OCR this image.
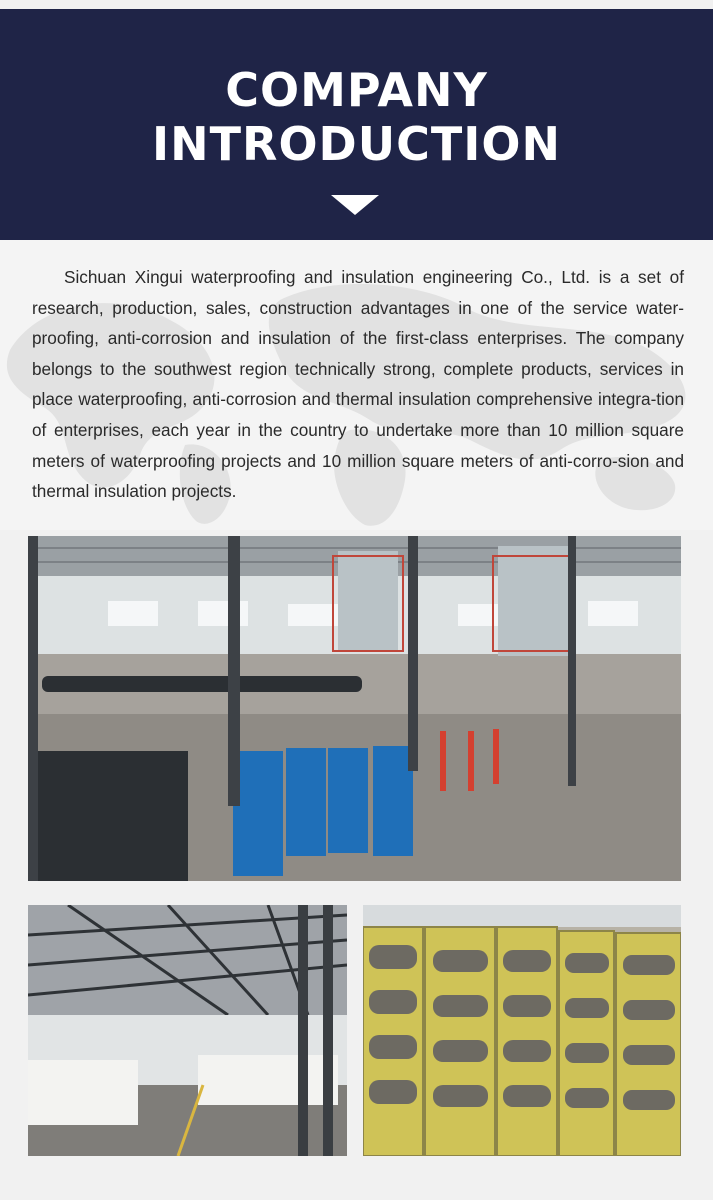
COMPANY
INTRODUCTION

Sichuan Xingui waterproofing and insulation engineering Co., Ltd. is a set of research, production, sales, construction advantages in one of the service water-proofing, anti-corrosion and insulation of the first-class enterprises. The company belongs to the southwest region technically strong, complete products, services in place waterproofing, anti-corrosion and thermal insulation comprehensive integra-tion of enterprises, each year in the country to undertake more than 10 million square meters of waterproofing projects and 10 million square meters of anti-corro-sion and thermal insulation projects.
